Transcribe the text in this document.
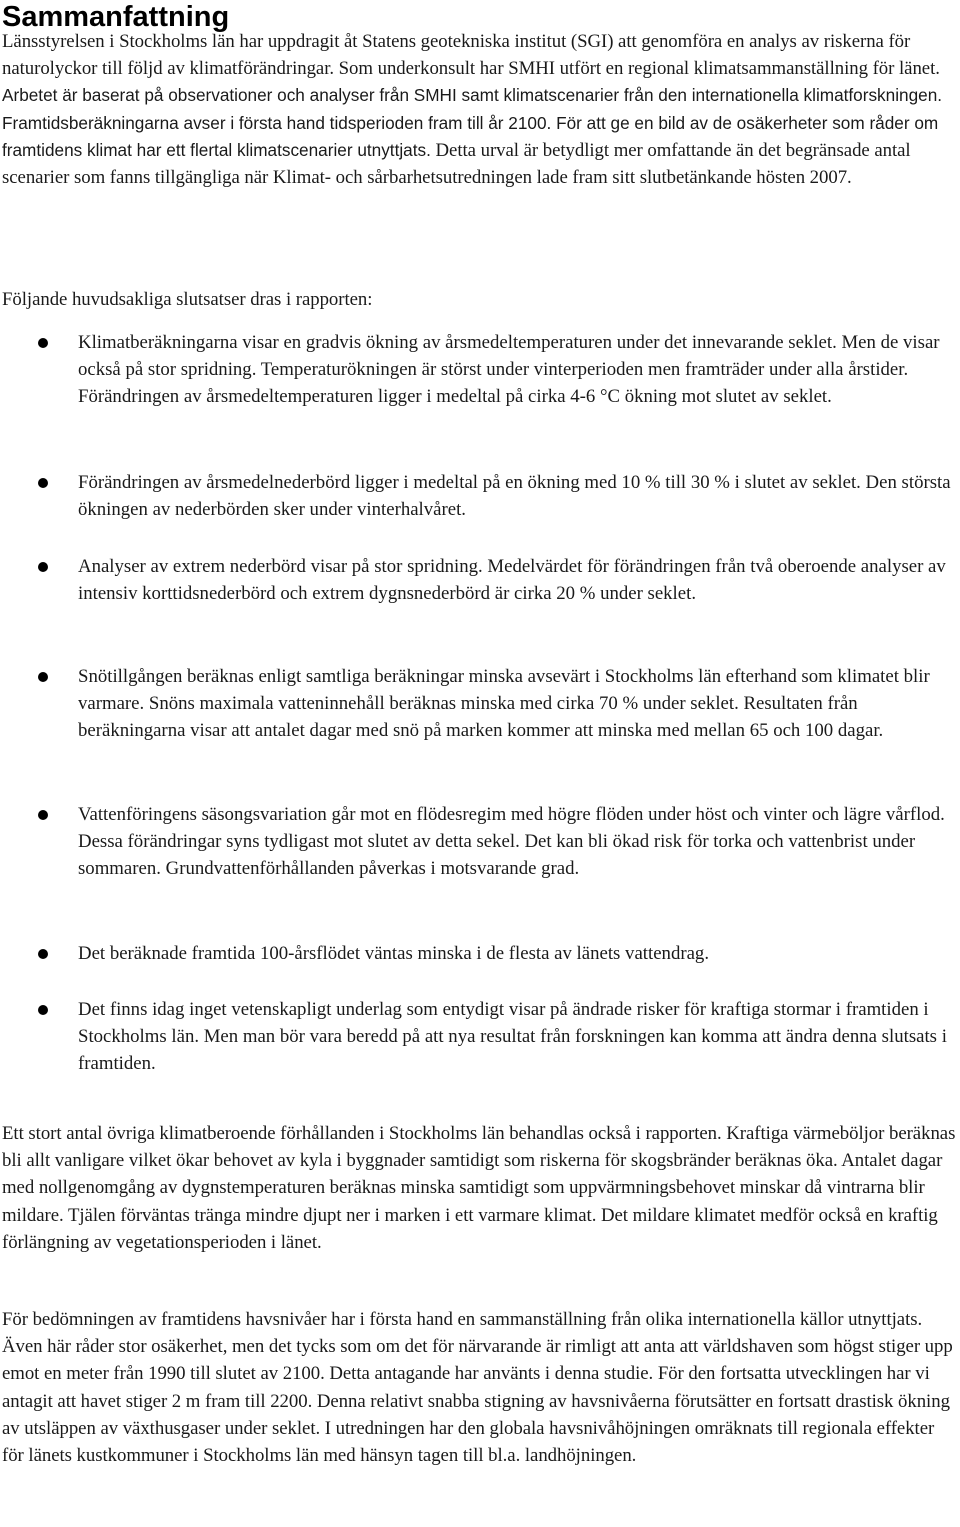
Sammanfattning

Länsstyrelsen i Stockholms län har uppdragit åt Statens geotekniska institut (SGI) att genomföra en analys av riskerna för naturolyckor till följd av klimatförändringar. Som underkonsult har SMHI utfört en regional klimatsammanställning för länet. Arbetet är baserat på observationer och analyser från SMHI samt klimatscenarier från den internationella klimatforskningen. Framtidsberäkningarna avser i första hand tidsperioden fram till år 2100. För att ge en bild av de osäkerheter som råder om framtidens klimat har ett flertal klimatscenarier utnyttjats. Detta urval är betydligt mer omfattande än det begränsade antal scenarier som fanns tillgängliga när Klimat- och sårbarhetsutredningen lade fram sitt slutbetänkande hösten 2007.

Följande huvudsakliga slutsatser dras i rapporten:

Klimatberäkningarna visar en gradvis ökning av årsmedeltemperaturen under det innevarande seklet. Men de visar också på stor spridning. Temperaturökningen är störst under vinterperioden men framträder under alla årstider. Förändringen av årsmedeltemperaturen ligger i medeltal på cirka 4-6 °C ökning mot slutet av seklet.

Förändringen av årsmedelnederbörd ligger i medeltal på en ökning med 10 % till 30 % i slutet av seklet. Den största ökningen av nederbörden sker under vinterhalvåret.

Analyser av extrem nederbörd visar på stor spridning. Medelvärdet för förändringen från två oberoende analyser av intensiv korttidsnederbörd och extrem dygnsnederbörd är cirka 20 % under seklet.

Snötillgången beräknas enligt samtliga beräkningar minska avsevärt i Stockholms län efterhand som klimatet blir varmare. Snöns maximala vatteninnehåll beräknas minska med cirka 70 % under seklet. Resultaten från beräkningarna visar att antalet dagar med snö på marken kommer att minska med mellan 65 och 100 dagar.

Vattenföringens säsongsvariation går mot en flödesregim med högre flöden under höst och vinter och lägre vårflod. Dessa förändringar syns tydligast mot slutet av detta sekel. Det kan bli ökad risk för torka och vattenbrist under sommaren. Grundvattenförhållanden påverkas i motsvarande grad.

Det beräknade framtida 100-årsflödet väntas minska i de flesta av länets vattendrag.

Det finns idag inget vetenskapligt underlag som entydigt visar på ändrade risker för kraftiga stormar i framtiden i Stockholms län. Men man bör vara beredd på att nya resultat från forskningen kan komma att ändra denna slutsats i framtiden.

Ett stort antal övriga klimatberoende förhållanden i Stockholms län behandlas också i rapporten. Kraftiga värmeböljor beräknas bli allt vanligare vilket ökar behovet av kyla i byggnader samtidigt som riskerna för skogsbränder beräknas öka. Antalet dagar med nollgenomgång av dygnstemperaturen beräknas minska samtidigt som uppvärmningsbehovet minskar då vintrarna blir mildare. Tjälen förväntas tränga mindre djupt ner i marken i ett varmare klimat. Det mildare klimatet medför också en kraftig förlängning av vegetationsperioden i länet.

För bedömningen av framtidens havsnivåer har i första hand en sammanställning från olika internationella källor utnyttjats. Även här råder stor osäkerhet, men det tycks som om det för närvarande är rimligt att anta att världshaven som högst stiger upp emot en meter från 1990 till slutet av 2100. Detta antagande har använts i denna studie. För den fortsatta utvecklingen har vi antagit att havet stiger 2 m fram till 2200. Denna relativt snabba stigning av havsnivåerna förutsätter en fortsatt drastisk ökning av utsläppen av växthusgaser under seklet. I utredningen har den globala havsnivåhöjningen omräknats till regionala effekter för länets kustkommuner i Stockholms län med hänsyn tagen till bl.a. landhöjningen.
